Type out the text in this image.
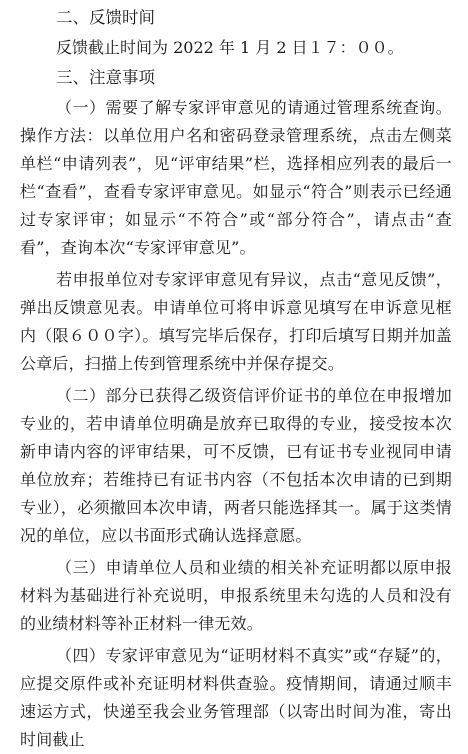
二、反馈时间
反馈截止时间为 2022 年 1 月 2 日１７：００。
三、注意事项

（一）需要了解专家评审意见的请通过管理系统查询。操作方法：以单位用户名和密码登录管理系统，点击左侧菜单栏“申请列表”，见“评审结果”栏，选择相应列表的最后一栏“查看”，查看专家评审意见。如显示“符合”则表示已经通过专家评审；如显示“不符合”或“部分符合”，请点击“查看”，查询本次“专家评审意见”。

若申报单位对专家评审意见有异议，点击“意见反馈”，弹出反馈意见表。申请单位可将申诉意见填写在申诉意见框内（限６００字）。填写完毕后保存，打印后填写日期并加盖公章后，扫描上传到管理系统中并保存提交。

（二）部分已获得乙级资信评价证书的单位在申报增加专业的，若申请单位明确是放弃已取得的专业，接受按本次新申请内容的评审结果，可不反馈，已有证书专业视同申请单位放弃；若维持已有证书内容（不包括本次申请的已到期专业），必须撤回本次申请，两者只能选择其一。属于这类情况的单位，应以书面形式确认选择意愿。

（三）申请单位人员和业绩的相关补充证明都以原申报材料为基础进行补充说明，申报系统里未勾选的人员和没有的业绩材料等补正材料一律无效。

（四）专家评审意见为“证明材料不真实”或“存疑”的，应提交原件或补充证明材料供查验。疫情期间，请通过顺丰速运方式，快递至我会业务管理部（以寄出时间为准，寄出时间截止
